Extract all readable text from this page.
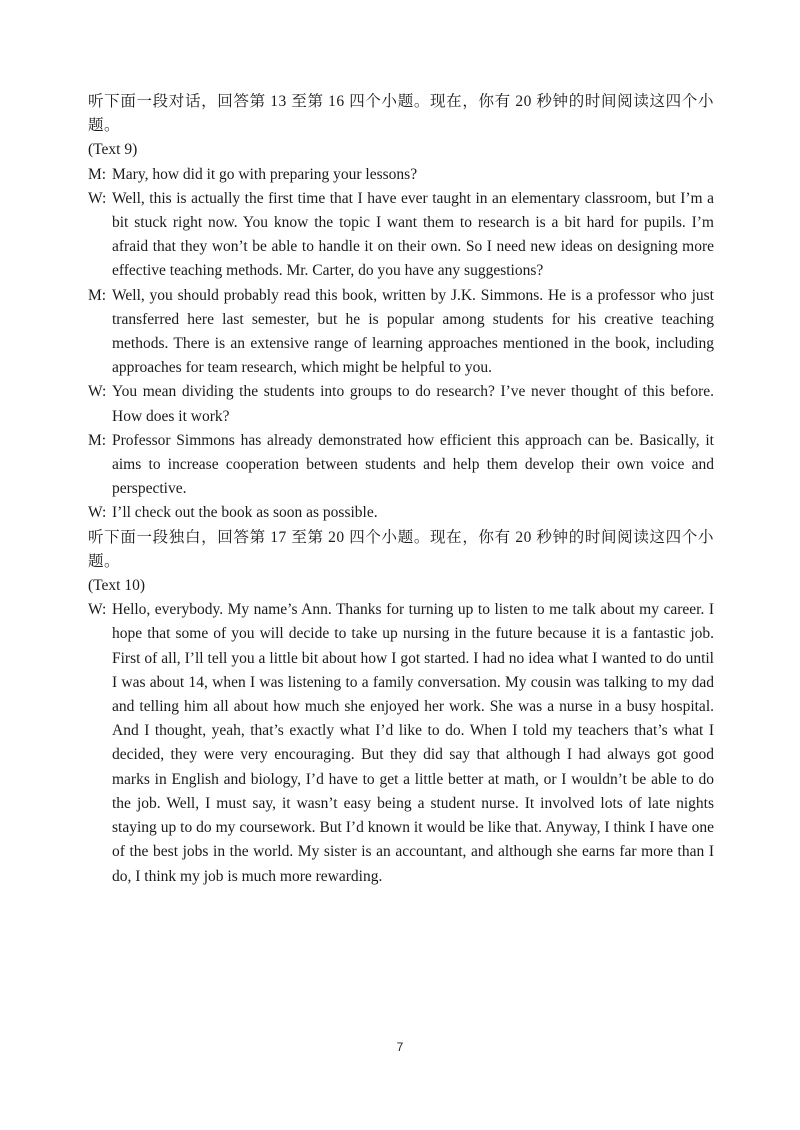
听下面一段对话，回答第 13 至第 16 四个小题。现在，你有 20 秒钟的时间阅读这四个小题。

(Text 9)

M: Mary, how did it go with preparing your lessons?

W: Well, this is actually the first time that I have ever taught in an elementary classroom, but I’m a bit stuck right now. You know the topic I want them to research is a bit hard for pupils. I’m afraid that they won’t be able to handle it on their own. So I need new ideas on designing more effective teaching methods. Mr. Carter, do you have any suggestions?

M: Well, you should probably read this book, written by J.K. Simmons. He is a professor who just transferred here last semester, but he is popular among students for his creative teaching methods. There is an extensive range of learning approaches mentioned in the book, including approaches for team research, which might be helpful to you.

W: You mean dividing the students into groups to do research? I’ve never thought of this before. How does it work?

M: Professor Simmons has already demonstrated how efficient this approach can be. Basically, it aims to increase cooperation between students and help them develop their own voice and perspective.

W: I’ll check out the book as soon as possible.

听下面一段独白，回答第 17 至第 20 四个小题。现在，你有 20 秒钟的时间阅读这四个小题。

(Text 10)

W: Hello, everybody. My name’s Ann. Thanks for turning up to listen to me talk about my career. I hope that some of you will decide to take up nursing in the future because it is a fantastic job. First of all, I’ll tell you a little bit about how I got started. I had no idea what I wanted to do until I was about 14, when I was listening to a family conversation. My cousin was talking to my dad and telling him all about how much she enjoyed her work. She was a nurse in a busy hospital. And I thought, yeah, that’s exactly what I’d like to do. When I told my teachers that’s what I decided, they were very encouraging. But they did say that although I had always got good marks in English and biology, I’d have to get a little better at math, or I wouldn’t be able to do the job. Well, I must say, it wasn’t easy being a student nurse. It involved lots of late nights staying up to do my coursework. But I’d known it would be like that. Anyway, I think I have one of the best jobs in the world. My sister is an accountant, and although she earns far more than I do, I think my job is much more rewarding.

7
